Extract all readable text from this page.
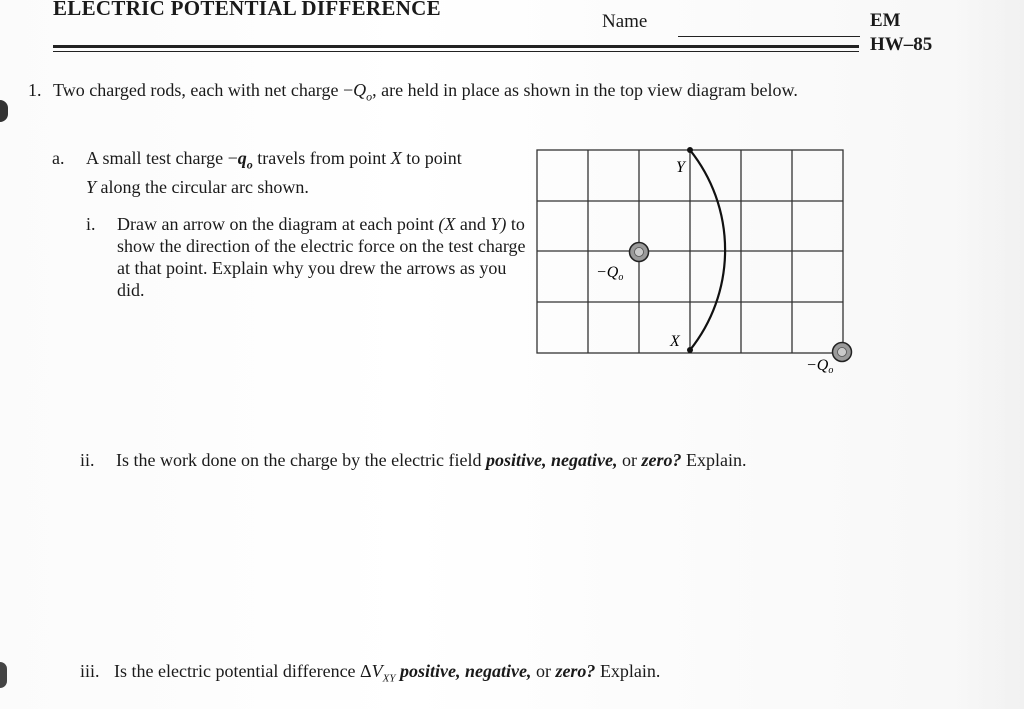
ELECTRIC POTENTIAL DIFFERENCE
Name	EM
HW–85
1. Two charged rods, each with net charge $-Q_o$, are held in place as shown in the top view diagram below.
a. A small test charge $-q_o$ travels from point X to point
Y along the circular arc shown.
i. Draw an arrow on the diagram at each point (X and Y) to show the direction of the electric force on the test charge at that point. Explain why you drew the arrows as you did.
Y
X
−Qo
−Qo
ii. Is the work done on the charge by the electric field positive, negative, or zero? Explain.
iii. Is the electric potential difference $\Delta V_{XY}$ positive, negative, or zero? Explain.
